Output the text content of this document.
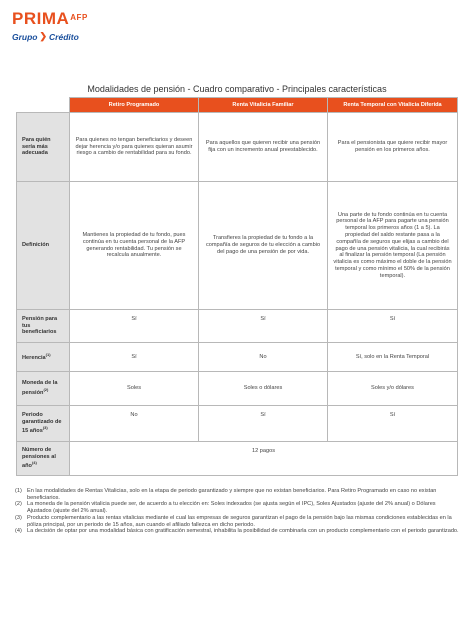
$PRIMA^{AFP}$
Grupo ❯ Crédito
Modalidades de pensión - Cuadro comparativo - Principales características
	Retiro Programado	Renta Vitalicia Familiar	Renta Temporal con Vitalicia Diferida
Para quién sería más adecuada	Para quienes no tengan beneficiarios y deseen dejar herencia y/o para quienes quieran asumir riesgo a cambio de rentabilidad para su fondo.	Para aquellos que quieren recibir una pensión fija con un incremento anual preestablecido.	Para el pensionista que quiere recibir mayor pensión en los primeros años.
Definición	Mantienes la propiedad de tu fondo, pues continúa en tu cuenta personal de la AFP generando rentabilidad. Tu pensión se recalcula anualmente.	Transfieres la propiedad de tu fondo a la compañía de seguros de tu elección a cambio del pago de una pensión de por vida.	Una parte de tu fondo continúa en tu cuenta personal de la AFP para pagarte una pensión temporal los primeros años (1 a 5). La propiedad del saldo restante pasa a la compañía de seguros que elijas a cambio del pago de una pensión vitalicia, la cual recibirás al finalizar la pensión temporal (La pensión vitalicia es como máximo el doble de la pensión temporal y como mínimo el 50% de la pensión temporal).
Pensión para tus beneficiarios	Sí	Sí	Sí
Herencia$^{(1)}$	Sí	No	Sí, solo en la Renta Temporal
Moneda de la pensión$^{(2)}$	Soles	Soles o dólares	Soles y/o dólares
Periodo garantizado de 15 años$^{(3)}$	No	Sí	Sí
Número de pensiones al año$^{(4)}$	12 pagos		
(1) En las modalidades de Rentas Vitalicias, solo en la etapa de periodo garantizado y siempre que no existan beneficiarios. Para Retiro Programado en caso no existan beneficiarios.
(2) La moneda de la pensión vitalicia puede ser, de acuerdo a tu elección en: Soles indexados (se ajusta según el IPC), Soles Ajustados (ajuste del 2% anual) o Dólares Ajustados (ajuste del 2% anual).
(3) Producto complementario a las rentas vitalicias mediante el cual las empresas de seguros garantizan el pago de la pensión bajo las mismas condiciones establecidas en la póliza principal, por un periodo de 15 años, aun cuando el afiliado fallezca en dicho periodo.
(4) La decisión de optar por una modalidad básica con gratificación semestral, inhabilita la posibilidad de combinarla con un producto complementario con el periodo garantizado.
